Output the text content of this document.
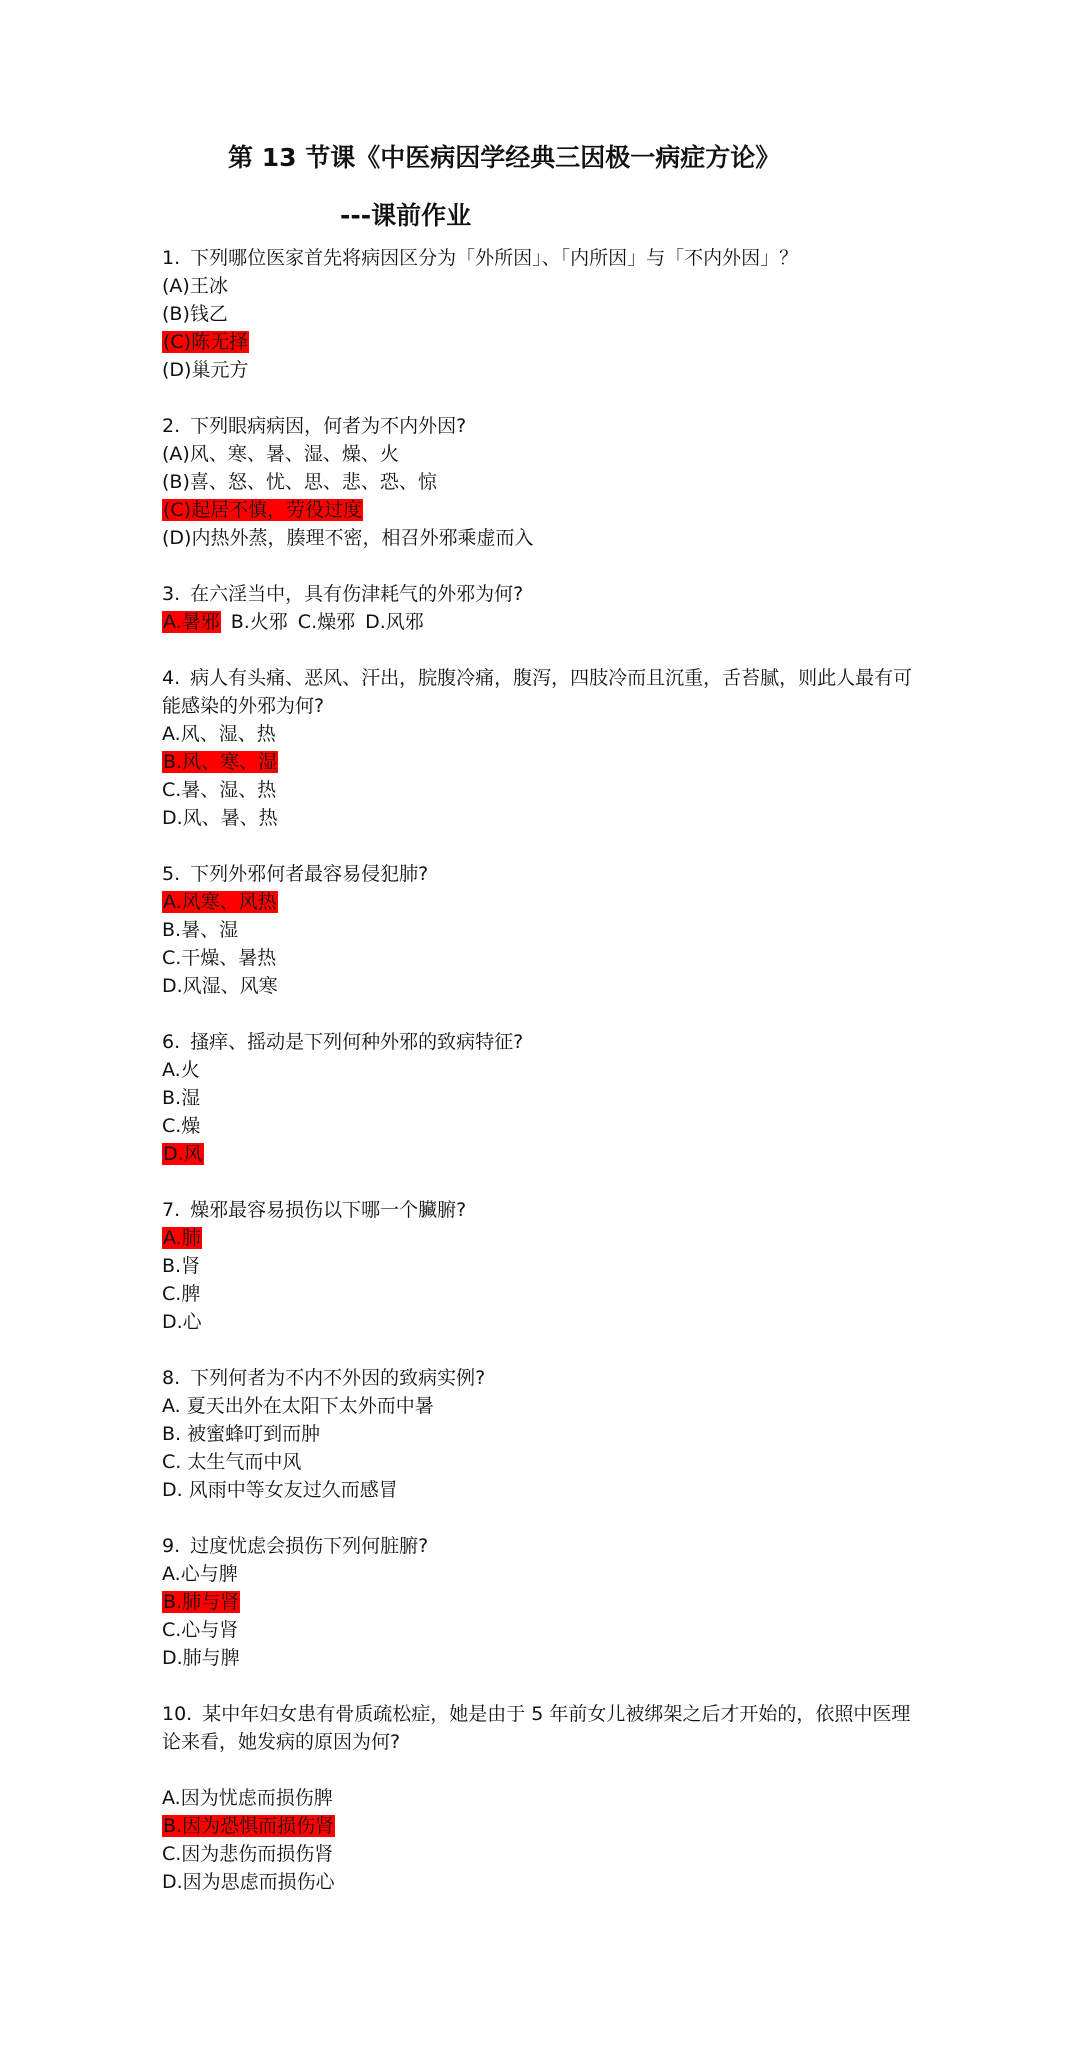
第 13 节课《中医病因学经典三因极一病症方论》
---课前作业

1. 下列哪位医家首先将病因区分为「外所因」、「内所因」与「不内外因」？

(A)王冰
(B)钱乙
(C)陈无择
(D)巢元方

2. 下列眼病病因，何者为不内外因?

(A)风、寒、暑、湿、燥、火
(B)喜、怒、忧、思、悲、恐、惊
(C)起居不慎，劳役过度
(D)内热外蒸，腠理不密，相召外邪乘虚而入

3. 在六淫当中，具有伤津耗气的外邪为何?

A.暑邪 B.火邪 C.燥邪 D.风邪

4. 病人有头痛、恶风、汗出，脘腹冷痛，腹泻，四肢冷而且沉重，舌苔腻，则此人最有可能感染的外邪为何?

A.风、湿、热
B.风、寒、湿
C.暑、湿、热
D.风、暑、热

5. 下列外邪何者最容易侵犯肺?

A.风寒、风热
B.暑、湿
C.干燥、暑热
D.风湿、风寒

6. 搔痒、摇动是下列何种外邪的致病特征?

A.火
B.湿
C.燥
D.风

7. 燥邪最容易损伤以下哪一个臟腑?

A.肺
B.肾
C.脾
D.心

8. 下列何者为不内不外因的致病实例?

A. 夏天出外在太阳下太外而中暑
B. 被蜜蜂叮到而肿
C. 太生气而中风
D. 风雨中等女友过久而感冒

9. 过度忧虑会损伤下列何脏腑?

A.心与脾
B.肺与肾
C.心与肾
D.肺与脾

10. 某中年妇女患有骨质疏松症，她是由于 5 年前女儿被绑架之后才开始的，依照中医理论来看，她发病的原因为何?

A.因为忧虑而损伤脾
B.因为恐惧而损伤肾
C.因为悲伤而损伤肾
D.因为思虑而损伤心
